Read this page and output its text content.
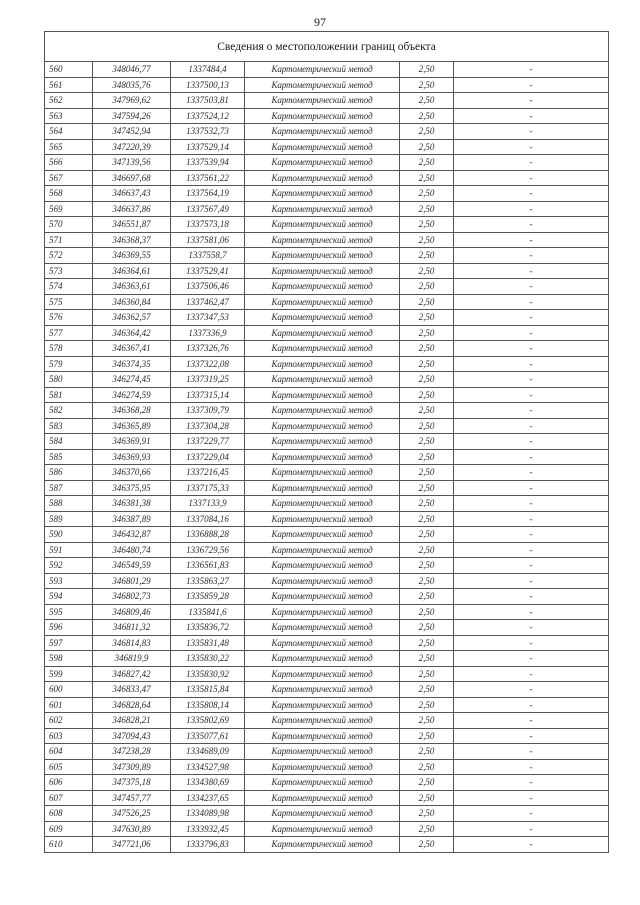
97
Сведения о местоположении границ объекта					
560	348046,77	1337484,4	Картометрический метод	2,50	-
561	348035,76	1337500,13	Картометрический метод	2,50	-
562	347969,62	1337503,81	Картометрический метод	2,50	-
563	347594,26	1337524,12	Картометрический метод	2,50	-
564	347452,94	1337532,73	Картометрический метод	2,50	-
565	347220,39	1337529,14	Картометрический метод	2,50	-
566	347139,56	1337539,94	Картометрический метод	2,50	-
567	346697,68	1337561,22	Картометрический метод	2,50	-
568	346637,43	1337564,19	Картометрический метод	2,50	-
569	346637,86	1337567,49	Картометрический метод	2,50	-
570	346551,87	1337573,18	Картометрический метод	2,50	-
571	346368,37	1337581,06	Картометрический метод	2,50	-
572	346369,55	1337558,7	Картометрический метод	2,50	-
573	346364,61	1337529,41	Картометрический метод	2,50	-
574	346363,61	1337506,46	Картометрический метод	2,50	-
575	346360,84	1337462,47	Картометрический метод	2,50	-
576	346362,57	1337347,53	Картометрический метод	2,50	-
577	346364,42	1337336,9	Картометрический метод	2,50	-
578	346367,41	1337326,76	Картометрический метод	2,50	-
579	346374,35	1337322,08	Картометрический метод	2,50	-
580	346274,45	1337319,25	Картометрический метод	2,50	-
581	346274,59	1337315,14	Картометрический метод	2,50	-
582	346368,28	1337309,79	Картометрический метод	2,50	-
583	346365,89	1337304,28	Картометрический метод	2,50	-
584	346369,91	1337229,77	Картометрический метод	2,50	-
585	346369,93	1337229,04	Картометрический метод	2,50	-
586	346370,66	1337216,45	Картометрический метод	2,50	-
587	346375,95	1337175,33	Картометрический метод	2,50	-
588	346381,38	1337133,9	Картометрический метод	2,50	-
589	346387,89	1337084,16	Картометрический метод	2,50	-
590	346432,87	1336888,28	Картометрический метод	2,50	-
591	346480,74	1336729,56	Картометрический метод	2,50	-
592	346549,59	1336561,83	Картометрический метод	2,50	-
593	346801,29	1335863,27	Картометрический метод	2,50	-
594	346802,73	1335859,28	Картометрический метод	2,50	-
595	346809,46	1335841,6	Картометрический метод	2,50	-
596	346811,32	1335836,72	Картометрический метод	2,50	-
597	346814,83	1335831,48	Картометрический метод	2,50	-
598	346819,9	1335830,22	Картометрический метод	2,50	-
599	346827,42	1335830,92	Картометрический метод	2,50	-
600	346833,47	1335815,84	Картометрический метод	2,50	-
601	346828,64	1335808,14	Картометрический метод	2,50	-
602	346828,21	1335802,69	Картометрический метод	2,50	-
603	347094,43	1335077,61	Картометрический метод	2,50	-
604	347238,28	1334689,09	Картометрический метод	2,50	-
605	347309,89	1334527,98	Картометрический метод	2,50	-
606	347375,18	1334380,69	Картометрический метод	2,50	-
607	347457,77	1334237,65	Картометрический метод	2,50	-
608	347526,25	1334089,98	Картометрический метод	2,50	-
609	347630,89	1333932,45	Картометрический метод	2,50	-
610	347721,06	1333796,83	Картометрический метод	2,50	-
